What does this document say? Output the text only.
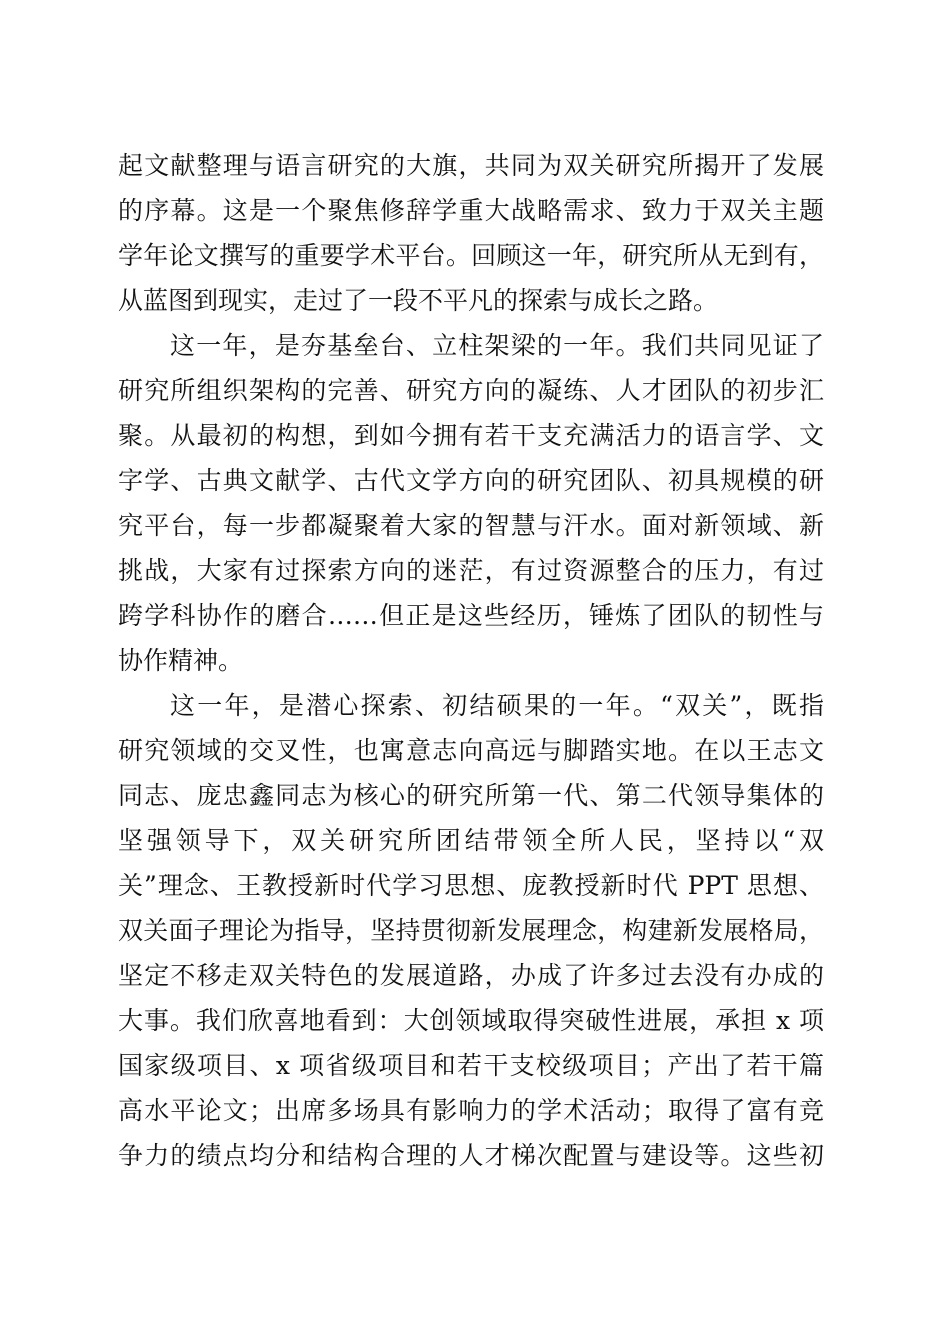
起文献整理与语言研究的大旗，共同为双关研究所揭开了发展
的序幕。这是一个聚焦修辞学重大战略需求、致力于双关主题
学年论文撰写的重要学术平台。回顾这一年，研究所从无到有，
从蓝图到现实，走过了一段不平凡的探索与成长之路。
这一年，是夯基垒台、立柱架梁的一年。我们共同见证了
研究所组织架构的完善、研究方向的凝练、人才团队的初步汇
聚。从最初的构想，到如今拥有若干支充满活力的语言学、文
字学、古典文献学、古代文学方向的研究团队、初具规模的研
究平台，每一步都凝聚着大家的智慧与汗水。面对新领域、新
挑战，大家有过探索方向的迷茫，有过资源整合的压力，有过
跨学科协作的磨合……但正是这些经历，锤炼了团队的韧性与
协作精神。
这一年，是潜心探索、初结硕果的一年。“双关”，既指
研究领域的交叉性，也寓意志向高远与脚踏实地。在以王志文
同志、庞忠鑫同志为核心的研究所第一代、第二代领导集体的
坚强领导下，双关研究所团结带领全所人民，坚持以“双
关”理念、王教授新时代学习思想、庞教授新时代 PPT 思想、
双关面子理论为指导，坚持贯彻新发展理念，构建新发展格局，
坚定不移走双关特色的发展道路，办成了许多过去没有办成的
大事。我们欣喜地看到：大创领域取得突破性进展，承担 x 项
国家级项目、x 项省级项目和若干支校级项目；产出了若干篇
高水平论文；出席多场具有影响力的学术活动；取得了富有竞
争力的绩点均分和结构合理的人才梯次配置与建设等。这些初
